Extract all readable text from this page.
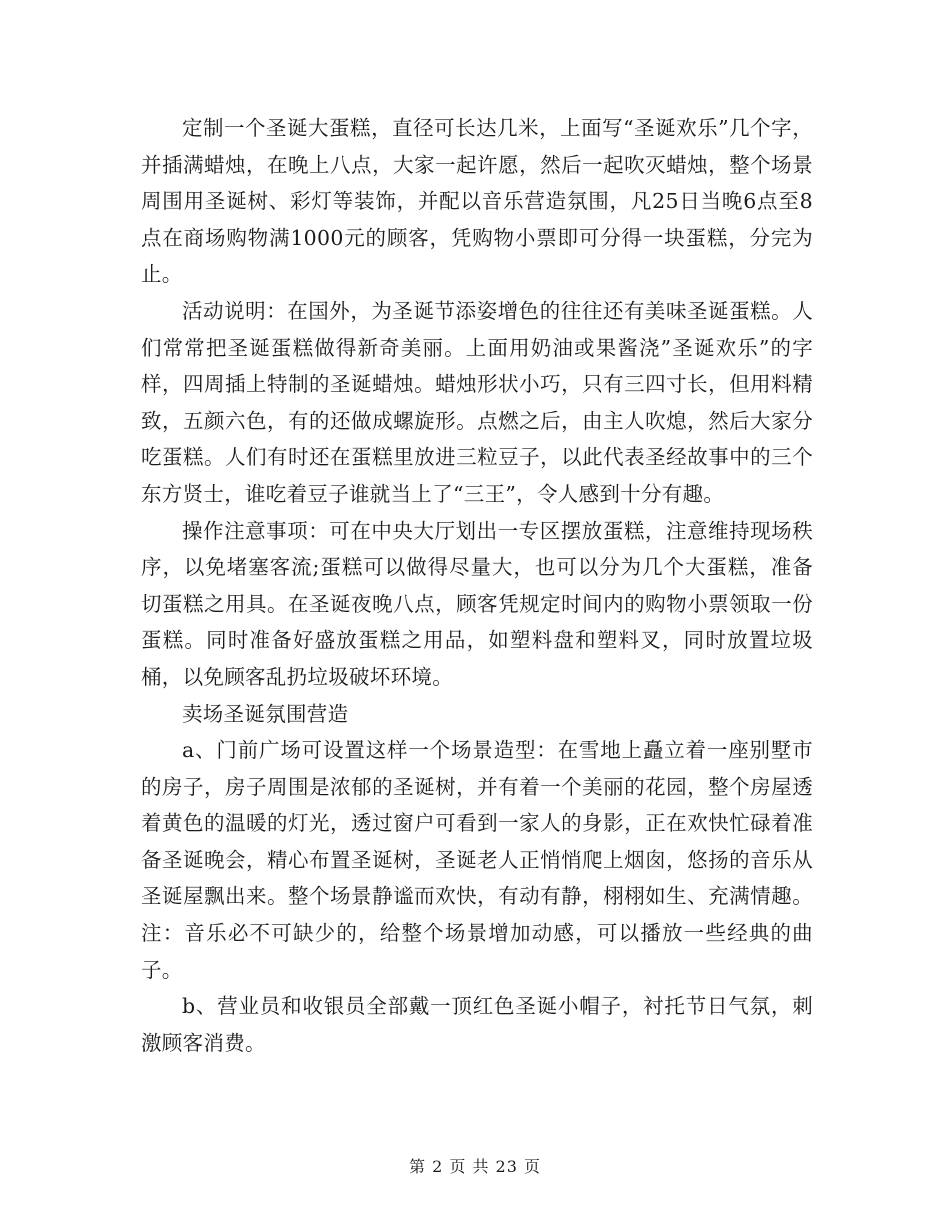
定制一个圣诞大蛋糕，直径可长达几米，上面写“圣诞欢乐”几个字，并插满蜡烛，在晚上八点，大家一起许愿，然后一起吹灭蜡烛，整个场景周围用圣诞树、彩灯等装饰，并配以音乐营造氛围，凡25日当晚6点至8点在商场购物满1000元的顾客，凭购物小票即可分得一块蛋糕，分完为止。

活动说明：在国外，为圣诞节添姿增色的往往还有美味圣诞蛋糕。人们常常把圣诞蛋糕做得新奇美丽。上面用奶油或果酱浇”圣诞欢乐”的字样，四周插上特制的圣诞蜡烛。蜡烛形状小巧，只有三四寸长，但用料精致，五颜六色，有的还做成螺旋形。点燃之后，由主人吹熄，然后大家分吃蛋糕。人们有时还在蛋糕里放进三粒豆子，以此代表圣经故事中的三个东方贤士，谁吃着豆子谁就当上了“三王”，令人感到十分有趣。

操作注意事项：可在中央大厅划出一专区摆放蛋糕，注意维持现场秩序，以免堵塞客流;蛋糕可以做得尽量大，也可以分为几个大蛋糕，准备切蛋糕之用具。在圣诞夜晚八点，顾客凭规定时间内的购物小票领取一份蛋糕。同时准备好盛放蛋糕之用品，如塑料盘和塑料叉，同时放置垃圾桶，以免顾客乱扔垃圾破坏环境。

卖场圣诞氛围营造

a、门前广场可设置这样一个场景造型：在雪地上矗立着一座别墅市的房子，房子周围是浓郁的圣诞树，并有着一个美丽的花园，整个房屋透着黄色的温暖的灯光，透过窗户可看到一家人的身影，正在欢快忙碌着准备圣诞晚会，精心布置圣诞树，圣诞老人正悄悄爬上烟囱，悠扬的音乐从圣诞屋飘出来。整个场景静谧而欢快，有动有静，栩栩如生、充满情趣。注：音乐必不可缺少的，给整个场景增加动感，可以播放一些经典的曲子。

b、营业员和收银员全部戴一顶红色圣诞小帽子，衬托节日气氛，刺激顾客消费。

第 2 页 共 23 页
